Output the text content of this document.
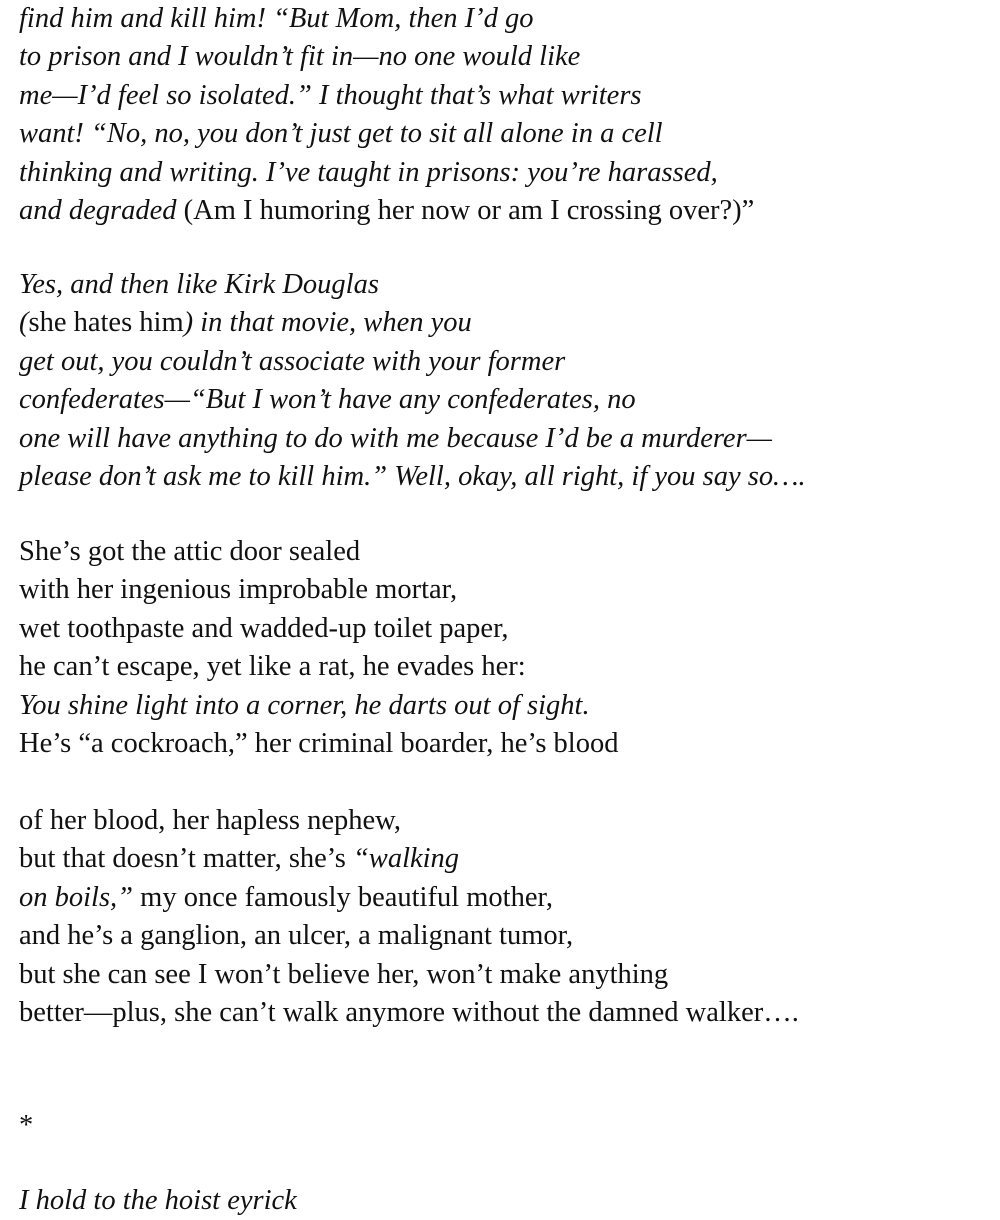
find him and kill him! “But Mom, then I’d go
to prison and I wouldn’t fit in—no one would like
me—I’d feel so isolated.” I thought that’s what writers
want! “No, no, you don’t just get to sit all alone in a cell
thinking and writing. I’ve taught in prisons: you’re harassed,
and degraded (Am I humoring her now or am I crossing over?)”
Yes, and then like Kirk Douglas
(she hates him) in that movie, when you
get out, you couldn’t associate with your former
confederates—“But I won’t have any confederates, no
one will have anything to do with me because I’d be a murderer—
please don’t ask me to kill him.” Well, okay, all right, if you say so….
She’s got the attic door sealed
with her ingenious improbable mortar,
wet toothpaste and wadded-up toilet paper,
he can’t escape, yet like a rat, he evades her:
You shine light into a corner, he darts out of sight.
He’s “a cockroach,” her criminal boarder, he’s blood
of her blood, her hapless nephew,
but that doesn’t matter, she’s “walking
on boils,” my once famously beautiful mother,
and he’s a ganglion, an ulcer, a malignant tumor,
but she can see I won’t believe her, won’t make anything
better—plus, she can’t walk anymore without the damned walker….
*
I hold to the hoist eyrick
